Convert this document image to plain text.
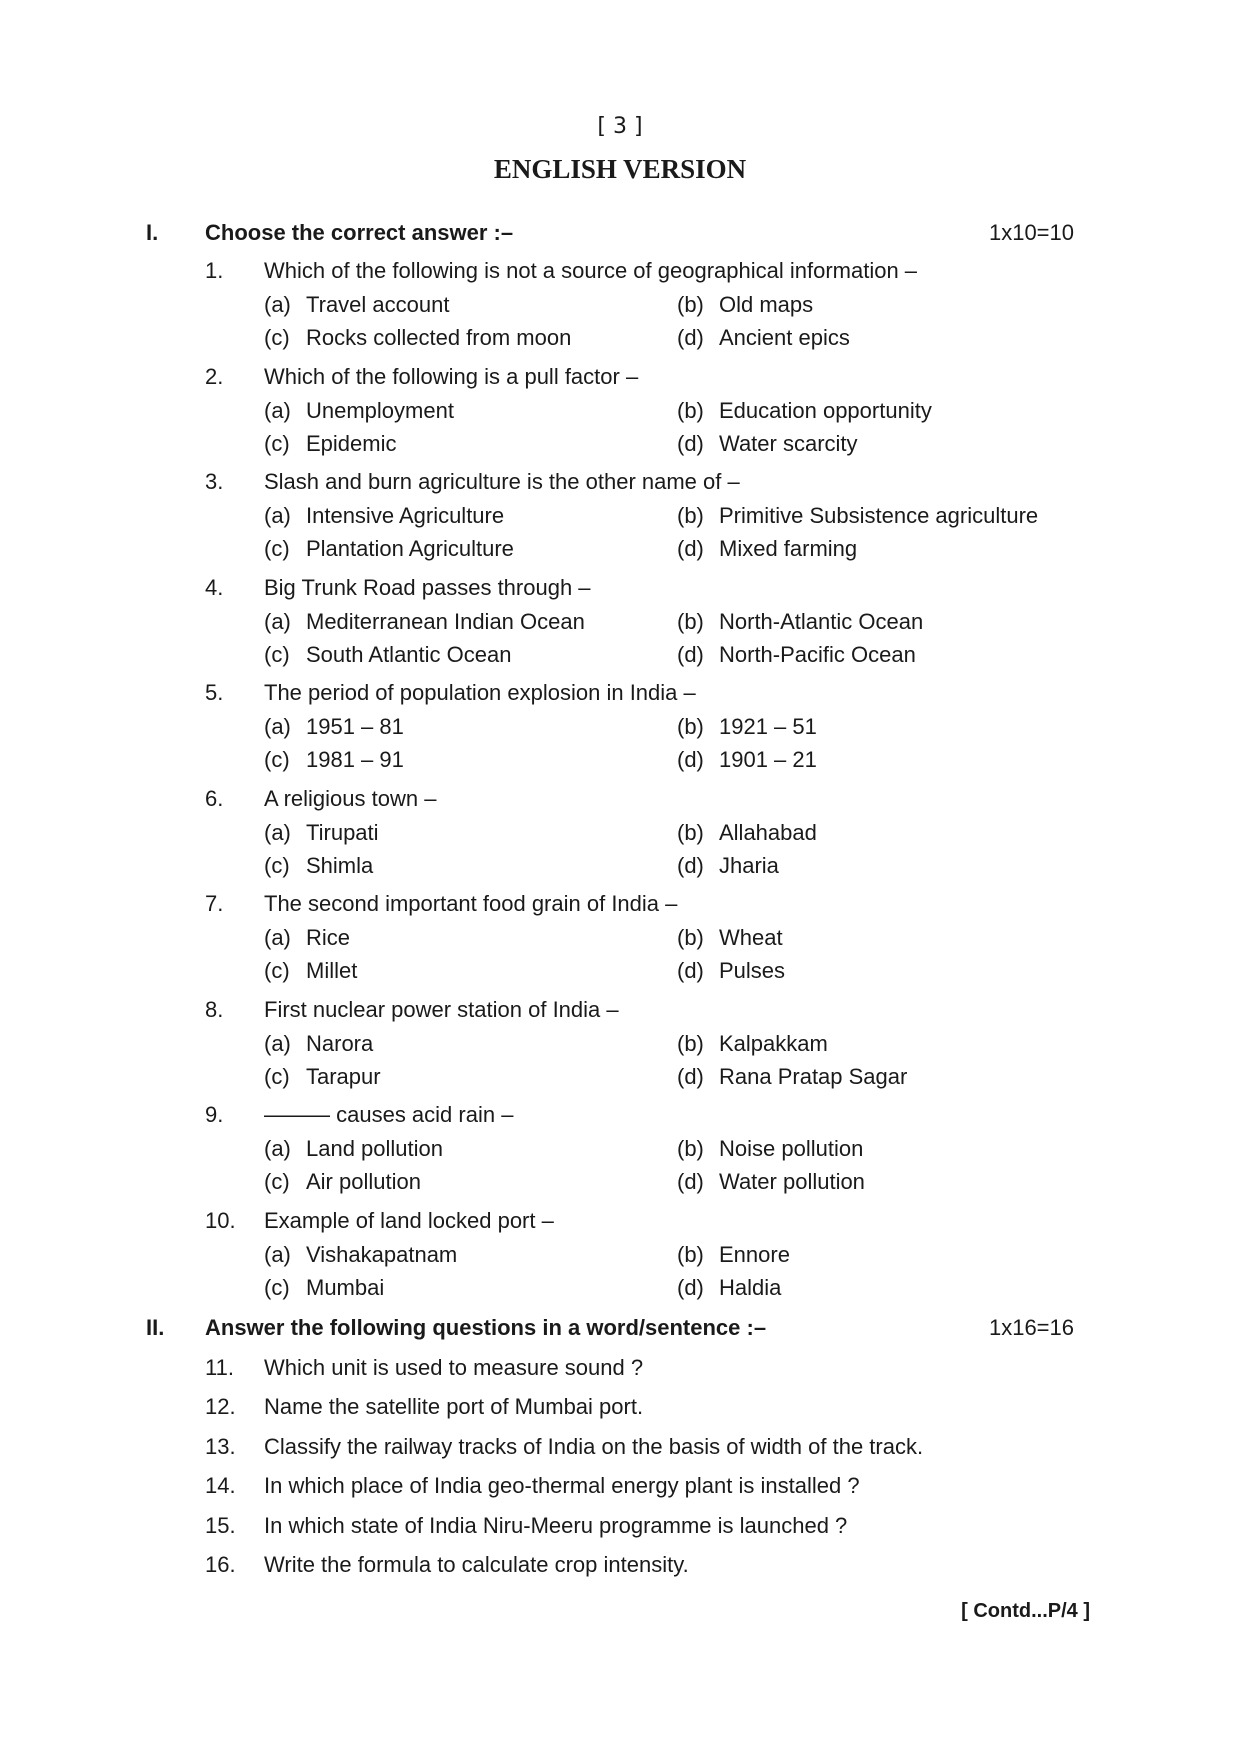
[ 3 ]
ENGLISH VERSION
I. Choose the correct answer :–	1x10=10
1. Which of the following is not a source of geographical information –
(a) Travel account	(b) Old maps
(c) Rocks collected from moon	(d) Ancient epics
2. Which of the following is a pull factor –
(a) Unemployment	(b) Education opportunity
(c) Epidemic	(d) Water scarcity
3. Slash and burn agriculture is the other name of –
(a) Intensive Agriculture	(b) Primitive Subsistence agriculture
(c) Plantation Agriculture	(d) Mixed farming
4. Big Trunk Road passes through –
(a) Mediterranean Indian Ocean	(b) North-Atlantic Ocean
(c) South Atlantic Ocean	(d) North-Pacific Ocean
5. The period of population explosion in India –
(a) 1951 – 81	(b) 1921 – 51
(c) 1981 – 91	(d) 1901 – 21
6. A religious town –
(a) Tirupati	(b) Allahabad
(c) Shimla	(d) Jharia
7. The second important food grain of India –
(a) Rice	(b) Wheat
(c) Millet	(d) Pulses
8. First nuclear power station of India –
(a) Narora	(b) Kalpakkam
(c) Tarapur	(d) Rana Pratap Sagar
9. ——— causes acid rain –
(a) Land pollution	(b) Noise pollution
(c) Air pollution	(d) Water pollution
10. Example of land locked port –
(a) Vishakapatnam	(b) Ennore
(c) Mumbai	(d) Haldia
II. Answer the following questions in a word/sentence :–	1x16=16
11. Which unit is used to measure sound ?
12. Name the satellite port of Mumbai port.
13. Classify the railway tracks of India on the basis of width of the track.
14. In which place of India geo-thermal energy plant is installed ?
15. In which state of India Niru-Meeru programme is launched ?
16. Write the formula to calculate crop intensity.
[ Contd...P/4 ]
